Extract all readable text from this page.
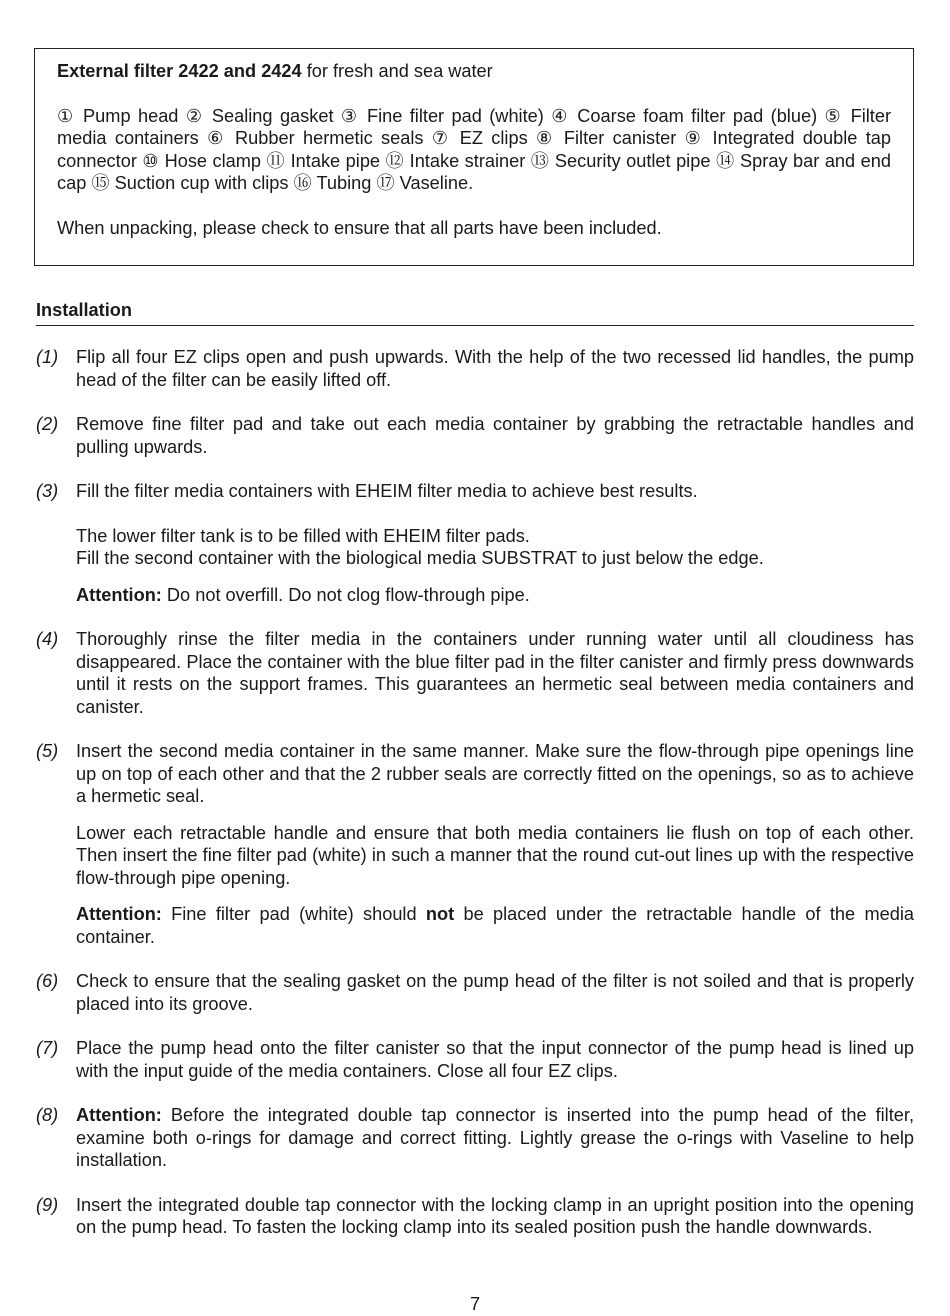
External filter 2422 and 2424 for fresh and sea water

① Pump head ② Sealing gasket ③ Fine filter pad (white) ④ Coarse foam filter pad (blue) ⑤ Filter media containers ⑥ Rubber hermetic seals ⑦ EZ clips ⑧ Filter canister ⑨ Integrated double tap connector ⑩ Hose clamp ⑪ Intake pipe ⑫ Intake strainer ⑬ Security outlet pipe ⑭ Spray bar and end cap ⑮ Suction cup with clips ⑯ Tubing ⑰ Vaseline.

When unpacking, please check to ensure that all parts have been included.

Installation
(1) Flip all four EZ clips open and push upwards. With the help of the two recessed lid handles, the pump head of the filter can be easily lifted off.

(2) Remove fine filter pad and take out each media container by grabbing the retractable handles and pulling upwards.

(3) Fill the filter media containers with EHEIM filter media to achieve best results.

The lower filter tank is to be filled with EHEIM filter pads.
Fill the second container with the biological media SUBSTRAT to just below the edge.

Attention: Do not overfill. Do not clog flow-through pipe.

(4) Thoroughly rinse the filter media in the containers under running water until all cloudiness has disappeared. Place the container with the blue filter pad in the filter canister and firmly press downwards until it rests on the support frames. This guarantees an hermetic seal between media containers and canister.

(5) Insert the second media container in the same manner. Make sure the flow-through pipe openings line up on top of each other and that the 2 rubber seals are correctly fitted on the openings, so as to achieve a hermetic seal.

Lower each retractable handle and ensure that both media containers lie flush on top of each other. Then insert the fine filter pad (white) in such a manner that the round cut-out lines up with the respective flow-through pipe opening.

Attention: Fine filter pad (white) should not be placed under the retractable handle of the media container.

(6) Check to ensure that the sealing gasket on the pump head of the filter is not soiled and that is properly placed into its groove.

(7) Place the pump head onto the filter canister so that the input connector of the pump head is lined up with the input guide of the media containers. Close all four EZ clips.

(8) Attention: Before the integrated double tap connector is inserted into the pump head of the filter, examine both o-rings for damage and correct fitting. Lightly grease the o-rings with Vaseline to help installation.

(9) Insert the integrated double tap connector with the locking clamp in an upright position into the opening on the pump head. To fasten the locking clamp into its sealed position push the handle downwards.

7
